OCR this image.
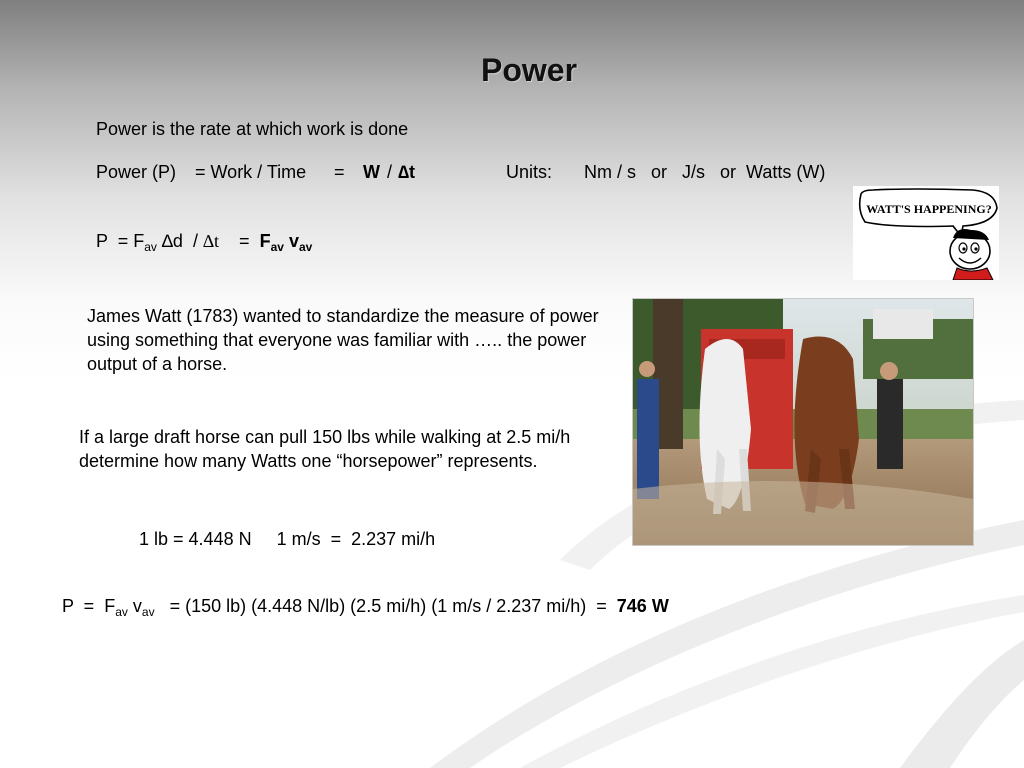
Power
Power is the rate at which work is done
Power (P) = Work / Time = W / ∆t	Units: Nm / s   or   J/s   or  Watts (W)
WATT'S HAPPENING?
$P = F_{av}$ $\Delta d / \Delta t = F_{av}$ $v_{av}$
James Watt (1783) wanted to standardize the measure of power using something that everyone was familiar with ….. the power output of a horse.
If a large draft horse can pull 150 lbs while walking at 2.5 mi/h determine how many Watts one “horsepower” represents.
1 lb = 4.448 N     1 m/s  =  2.237 mi/h
$P = F_{av}$ $v_{av} = (150$ lb) (4.448 N/lb) (2.5 mi/h) (1 m/s / 2.237 mi/h)  =  746 W
